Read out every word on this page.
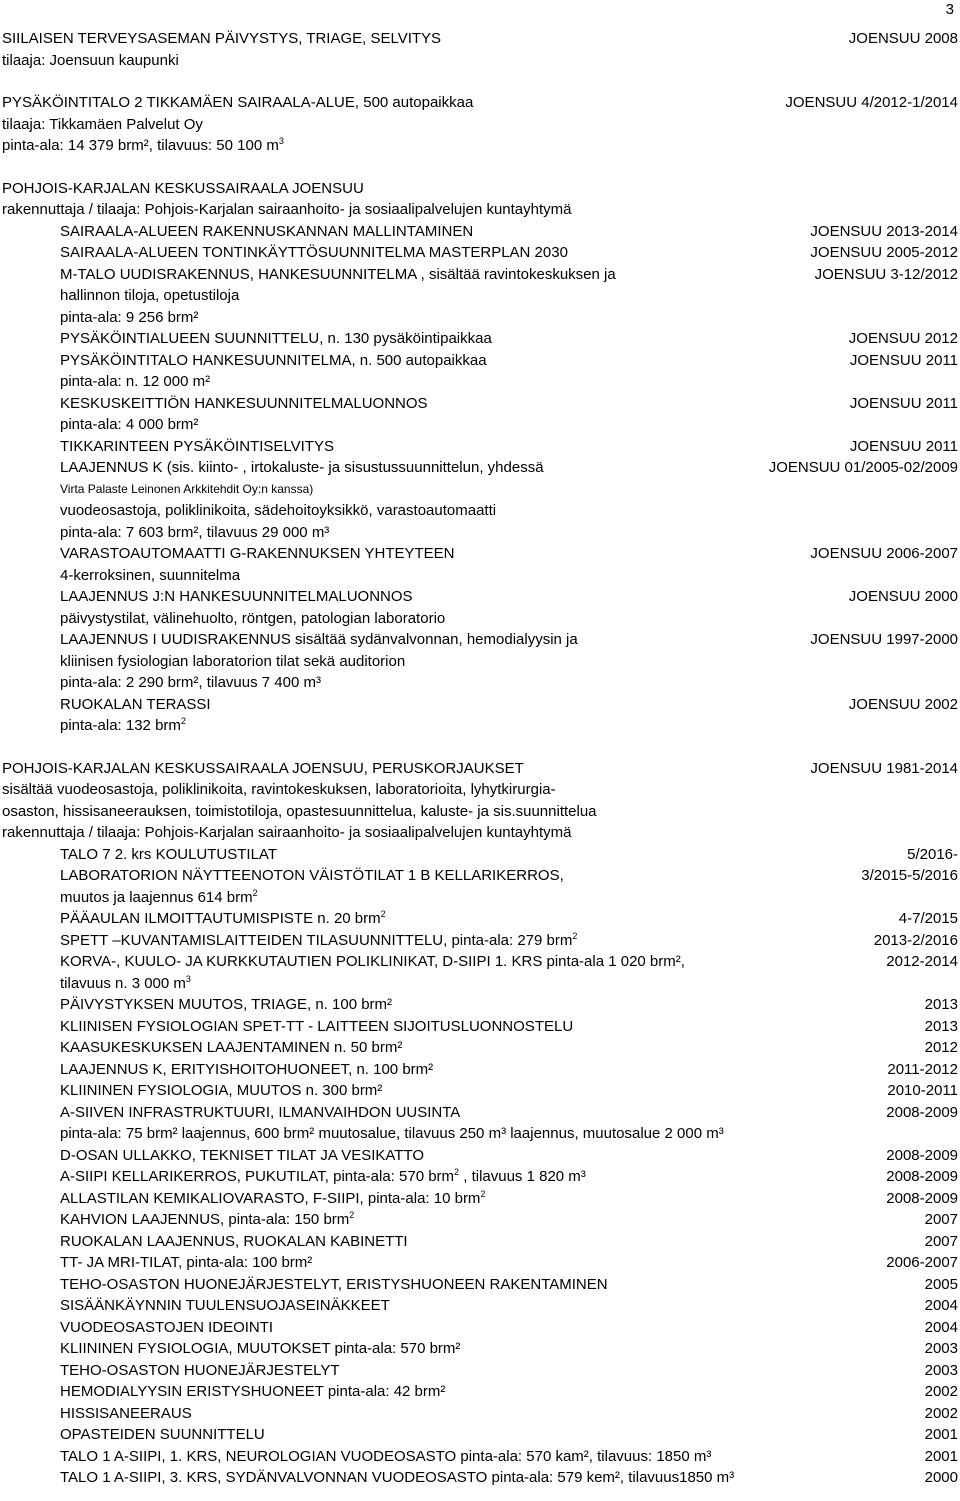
3
SIILAISEN TERVEYSASEMAN PÄIVYSTYS, TRIAGE, SELVITYS	JOENSUU 2008
tilaaja: Joensuun kaupunki
PYSÄKÖINTITALO 2 TIKKAMÄEN SAIRAALA-ALUE, 500 autopaikkaa	JOENSUU 4/2012-1/2014
tilaaja: Tikkamäen Palvelut Oy
pinta-ala: 14 379 brm², tilavuus: 50 100 $m^3$
POHJOIS-KARJALAN KESKUSSAIRAALA JOENSUU
rakennuttaja / tilaaja: Pohjois-Karjalan sairaanhoito- ja sosiaalipalvelujen kuntayhtymä
SAIRAALA-ALUEEN RAKENNUSKANNAN MALLINTAMINEN	JOENSUU 2013-2014
SAIRAALA-ALUEEN TONTINKÄYTTÖSUUNNITELMA MASTERPLAN 2030	JOENSUU 2005-2012
M-TALO UUDISRAKENNUS, HANKESUUNNITELMA , sisältää ravintokeskuksen ja	JOENSUU 3-12/2012
hallinnon tiloja, opetustiloja
pinta-ala: 9 256 brm²
PYSÄKÖINTIALUEEN SUUNNITTELU, n. 130 pysäköintipaikkaa	JOENSUU 2012
PYSÄKÖINTITALO HANKESUUNNITELMA, n. 500 autopaikkaa	JOENSUU 2011
pinta-ala: n. 12 000 m²
KESKUSKEITTIÖN HANKESUUNNITELMALUONNOS	JOENSUU 2011
pinta-ala: 4 000 brm²
TIKKARINTEEN PYSÄKÖINTISELVITYS	JOENSUU 2011
LAAJENNUS K (sis. kiinto- , irtokaluste- ja sisustussuunnittelun, yhdessä	JOENSUU 01/2005-02/2009
Virta Palaste Leinonen Arkkitehdit Oy:n kanssa)
vuodeosastoja, poliklinikoita, sädehoitoyksikkö, varastoautomaatti
pinta-ala: 7 603 brm², tilavuus 29 000 m³
VARASTOAUTOMAATTI G-RAKENNUKSEN YHTEYTEEN	JOENSUU 2006-2007
4-kerroksinen, suunnitelma
LAAJENNUS J:N HANKESUUNNITELMALUONNOS	JOENSUU 2000
päivystystilat, välinehuolto, röntgen, patologian laboratorio
LAAJENNUS I UUDISRAKENNUS sisältää sydänvalvonnan, hemodialyysin ja	JOENSUU 1997-2000
kliinisen fysiologian laboratorion tilat sekä auditorion
pinta-ala: 2 290 brm², tilavuus 7 400 m³
RUOKALAN TERASSI	JOENSUU 2002
pinta-ala: 132 brm$^2$
POHJOIS-KARJALAN KESKUSSAIRAALA JOENSUU, PERUSKORJAUKSET	JOENSUU 1981-2014
sisältää vuodeosastoja, poliklinikoita, ravintokeskuksen, laboratorioita, lyhytkirurgia-
osaston, hissisaneerauksen, toimistotiloja, opastesuunnittelua, kaluste- ja sis.suunnittelua
rakennuttaja / tilaaja: Pohjois-Karjalan sairaanhoito- ja sosiaalipalvelujen kuntayhtymä
TALO 7 2. krs KOULUTUSTILAT	5/2016-
LABORATORION NÄYTTEENOTON VÄISTÖTILAT 1 B KELLARIKERROS,	3/2015-5/2016
muutos ja laajennus 614 brm$^2$
PÄÄAULAN ILMOITTAUTUMISPISTE n. 20 brm$^2$	4-7/2015
SPETT –KUVANTAMISLAITTEIDEN TILASUUNNITTELU, pinta-ala: 279 brm$^2$	2013-2/2016
KORVA-, KUULO- JA KURKKUTAUTIEN POLIKLINIKAT, D-SIIPI 1. KRS pinta-ala 1 020 brm²,	2012-2014
tilavuus n. 3 000 $m^3$
PÄIVYSTYKSEN MUUTOS, TRIAGE, n. 100 brm²	2013
KLIINISEN FYSIOLOGIAN SPET-TT - LAITTEEN SIJOITUSLUONNOSTELU	2013
KAASUKESKUKSEN LAAJENTAMINEN n. 50 brm²	2012
LAAJENNUS K, ERITYISHOITOHUONEET, n. 100 brm²	2011-2012
KLIININEN FYSIOLOGIA, MUUTOS n. 300 brm²	2010-2011
A-SIIVEN INFRASTRUKTUURI, ILMANVAIHDON UUSINTA	2008-2009
pinta-ala: 75 brm² laajennus, 600 brm² muutosalue, tilavuus 250 m³ laajennus, muutosalue 2 000 m³
D-OSAN ULLAKKO, TEKNISET TILAT JA VESIKATTO	2008-2009
A-SIIPI KELLARIKERROS, PUKUTILAT, pinta-ala: 570 brm$^2$ , tilavuus 1 820 m³	2008-2009
ALLASTILAN KEMIKALIOVARASTO, F-SIIPI, pinta-ala: 10 brm$^2$	2008-2009
KAHVION LAAJENNUS, pinta-ala: 150 brm$^2$	2007
RUOKALAN LAAJENNUS, RUOKALAN KABINETTI	2007
TT- JA MRI-TILAT, pinta-ala: 100 brm²	2006-2007
TEHO-OSASTON HUONEJÄRJESTELYT, ERISTYSHUONEEN RAKENTAMINEN	2005
SISÄÄNKÄYNNIN TUULENSUOJASEINÄKKEET	2004
VUODEOSASTOJEN IDEOINTI	2004
KLIININEN FYSIOLOGIA, MUUTOKSET pinta-ala: 570 brm²	2003
TEHO-OSASTON HUONEJÄRJESTELYT	2003
HEMODIALYYSIN ERISTYSHUONEET pinta-ala: 42 brm²	2002
HISSISANEERAUS	2002
OPASTEIDEN SUUNNITTELU	2001
TALO 1 A-SIIPI, 1. KRS, NEUROLOGIAN VUODEOSASTO pinta-ala: 570 kam², tilavuus: 1850 m³	2001
TALO 1 A-SIIPI, 3. KRS, SYDÄNVALVONNAN VUODEOSASTO pinta-ala: 579 kem², tilavuus1850 m³	2000
